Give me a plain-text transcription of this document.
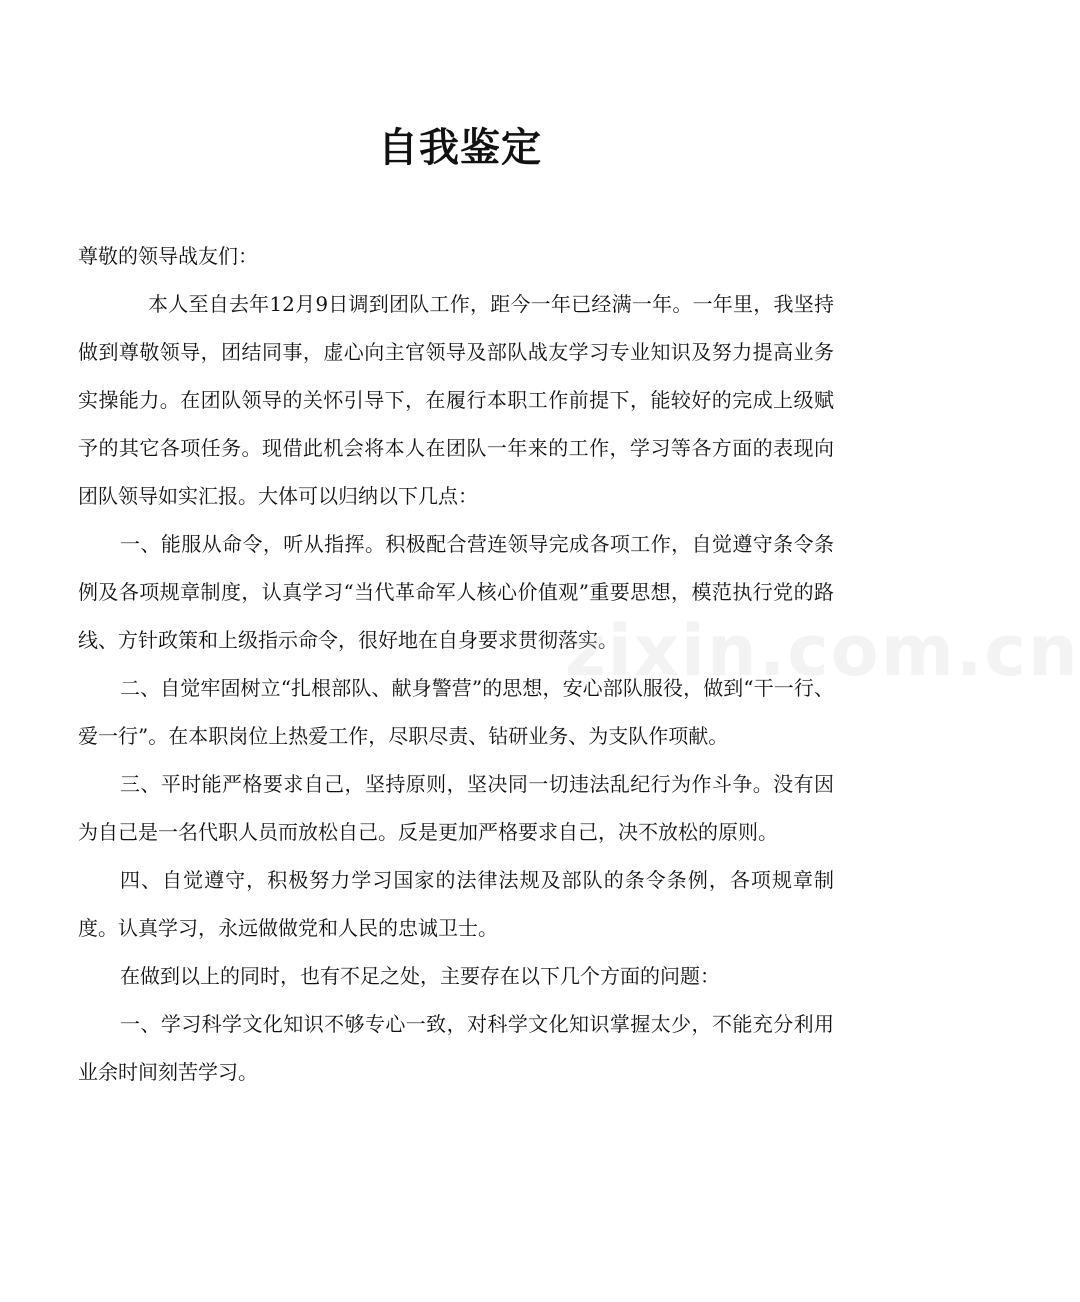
自我鉴定

尊敬的领导战友们：

本人至自去年12月9日调到团队工作，距今一年已经满一年。一年里，我坚持做到尊敬领导，团结同事，虚心向主官领导及部队战友学习专业知识及努力提高业务实操能力。在团队领导的关怀引导下，在履行本职工作前提下，能较好的完成上级赋予的其它各项任务。现借此机会将本人在团队一年来的工作，学习等各方面的表现向团队领导如实汇报。大体可以归纳以下几点：

一、能服从命令，听从指挥。积极配合营连领导完成各项工作，自觉遵守条令条例及各项规章制度，认真学习“当代革命军人核心价值观”重要思想，模范执行党的路线、方针政策和上级指示命令，很好地在自身要求贯彻落实。

二、自觉牢固树立“扎根部队、献身警营”的思想，安心部队服役，做到“干一行、爱一行”。在本职岗位上热爱工作，尽职尽责、钻研业务、为支队作项献。

三、平时能严格要求自己，坚持原则，坚决同一切违法乱纪行为作斗争。没有因为自己是一名代职人员而放松自己。反是更加严格要求自己，决不放松的原则。

四、自觉遵守，积极努力学习国家的法律法规及部队的条令条例，各项规章制度。认真学习，永远做做党和人民的忠诚卫士。

在做到以上的同时，也有不足之处，主要存在以下几个方面的问题：

一、学习科学文化知识不够专心一致，对科学文化知识掌握太少，不能充分利用业余时间刻苦学习。

zixin.com.cn
